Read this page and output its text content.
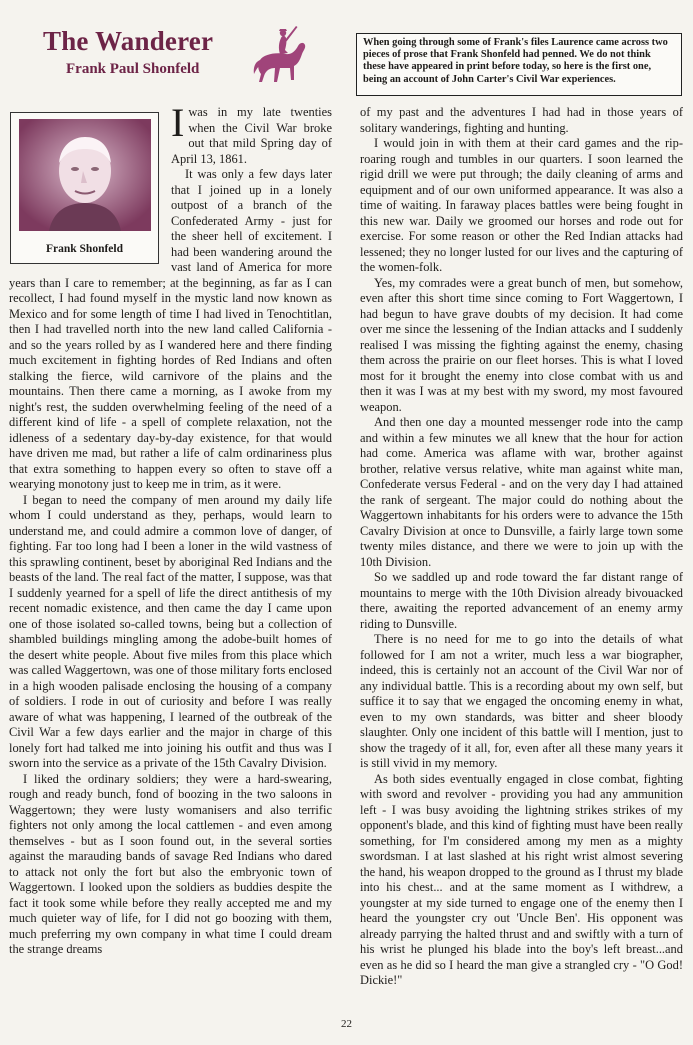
The Wanderer
Frank Paul Shonfeld
When going through some of Frank's files Laurence came across two pieces of prose that Frank Shonfeld had penned. We do not think these have appeared in print before today, so here is the first one, being an account of John Carter's Civil War experiences.
Frank Shonfeld

I was in my late twenties when the Civil War broke out that mild Spring day of April 13, 1861.

It was only a few days later that I joined up in a lonely outpost of a branch of the Confederated Army - just for the sheer hell of excitement. I had been wandering around the vast land of America for more years than I care to remember; at the beginning, as far as I can recollect, I had found myself in the mystic land now known as Mexico and for some length of time I had lived in Tenochtitlan, then I had travelled north into the new land called California - and so the years rolled by as I wandered here and there finding much excitement in fighting hordes of Red Indians and often stalking the fierce, wild carnivore of the plains and the mountains. Then there came a morning, as I awoke from my night's rest, the sudden overwhelming feeling of the need of a different kind of life - a spell of complete relaxation, not the idleness of a sedentary day-by-day existence, for that would have driven me mad, but rather a life of calm ordinariness plus that extra something to happen every so often to stave off a wearying monotony just to keep me in trim, as it were.

I began to need the company of men around my daily life whom I could understand as they, perhaps, would learn to understand me, and could admire a common love of danger, of fighting. Far too long had I been a loner in the wild vastness of this sprawling continent, beset by aboriginal Red Indians and the beasts of the land. The real fact of the matter, I suppose, was that I suddenly yearned for a spell of life the direct antithesis of my recent nomadic existence, and then came the day I came upon one of those isolated so-called towns, being but a collection of shambled buildings mingling among the adobe-built homes of the desert white people. About five miles from this place which was called Waggertown, was one of those military forts enclosed in a high wooden palisade enclosing the housing of a company of soldiers. I rode in out of curiosity and before I was really aware of what was happening, I learned of the outbreak of the Civil War a few days earlier and the major in charge of this lonely fort had talked me into joining his outfit and thus was I sworn into the service as a private of the 15th Cavalry Division.

I liked the ordinary soldiers; they were a hard-swearing, rough and ready bunch, fond of boozing in the two saloons in Waggertown; they were lusty womanisers and also terrific fighters not only among the local cattlemen - and even among themselves - but as I soon found out, in the several sorties against the marauding bands of savage Red Indians who dared to attack not only the fort but also the embryonic town of Waggertown. I looked upon the soldiers as buddies despite the fact it took some while before they really accepted me and my much quieter way of life, for I did not go boozing with them, much preferring my own company in what time I could dream the strange dreams

of my past and the adventures I had had in those years of solitary wanderings, fighting and hunting.

I would join in with them at their card games and the rip-roaring rough and tumbles in our quarters. I soon learned the rigid drill we were put through; the daily cleaning of arms and equipment and of our own uniformed appearance. It was also a time of waiting. In faraway places battles were being fought in this new war. Daily we groomed our horses and rode out for exercise. For some reason or other the Red Indian attacks had lessened; they no longer lusted for our lives and the capturing of the women-folk.

Yes, my comrades were a great bunch of men, but somehow, even after this short time since coming to Fort Waggertown, I had begun to have grave doubts of my decision. It had come over me since the lessening of the Indian attacks and I suddenly realised I was missing the fighting against the enemy, chasing them across the prairie on our fleet horses. This is what I loved most for it brought the enemy into close combat with us and then it was I was at my best with my sword, my most favoured weapon.

And then one day a mounted messenger rode into the camp and within a few minutes we all knew that the hour for action had come. America was aflame with war, brother against brother, relative versus relative, white man against white man, Confederate versus Federal - and on the very day I had attained the rank of sergeant. The major could do nothing about the Waggertown inhabitants for his orders were to advance the 15th Cavalry Division at once to Dunsville, a fairly large town some twenty miles distance, and there we were to join up with the 10th Division.

So we saddled up and rode toward the far distant range of mountains to merge with the 10th Division already bivouacked there, awaiting the reported advancement of an enemy army riding to Dunsville.

There is no need for me to go into the details of what followed for I am not a writer, much less a war biographer, indeed, this is certainly not an account of the Civil War nor of any individual battle. This is a recording about my own self, but suffice it to say that we engaged the oncoming enemy in what, even to my own standards, was bitter and sheer bloody slaughter. Only one incident of this battle will I mention, just to show the tragedy of it all, for, even after all these many years it is still vivid in my memory.

As both sides eventually engaged in close combat, fighting with sword and revolver - providing you had any ammunition left - I was busy avoiding the lightning strikes strikes of my opponent's blade, and this kind of fighting must have been really something, for I'm considered among my men as a mighty swordsman. I at last slashed at his right wrist almost severing the hand, his weapon dropped to the ground as I thrust my blade into his chest... and at the same moment as I withdrew, a youngster at my side turned to engage one of the enemy then I heard the youngster cry out 'Uncle Ben'. His opponent was already parrying the halted thrust and and swiftly with a turn of his wrist he plunged his blade into the boy's left breast...and even as he did so I heard the man give a strangled cry - "O God! Dickie!"

22
